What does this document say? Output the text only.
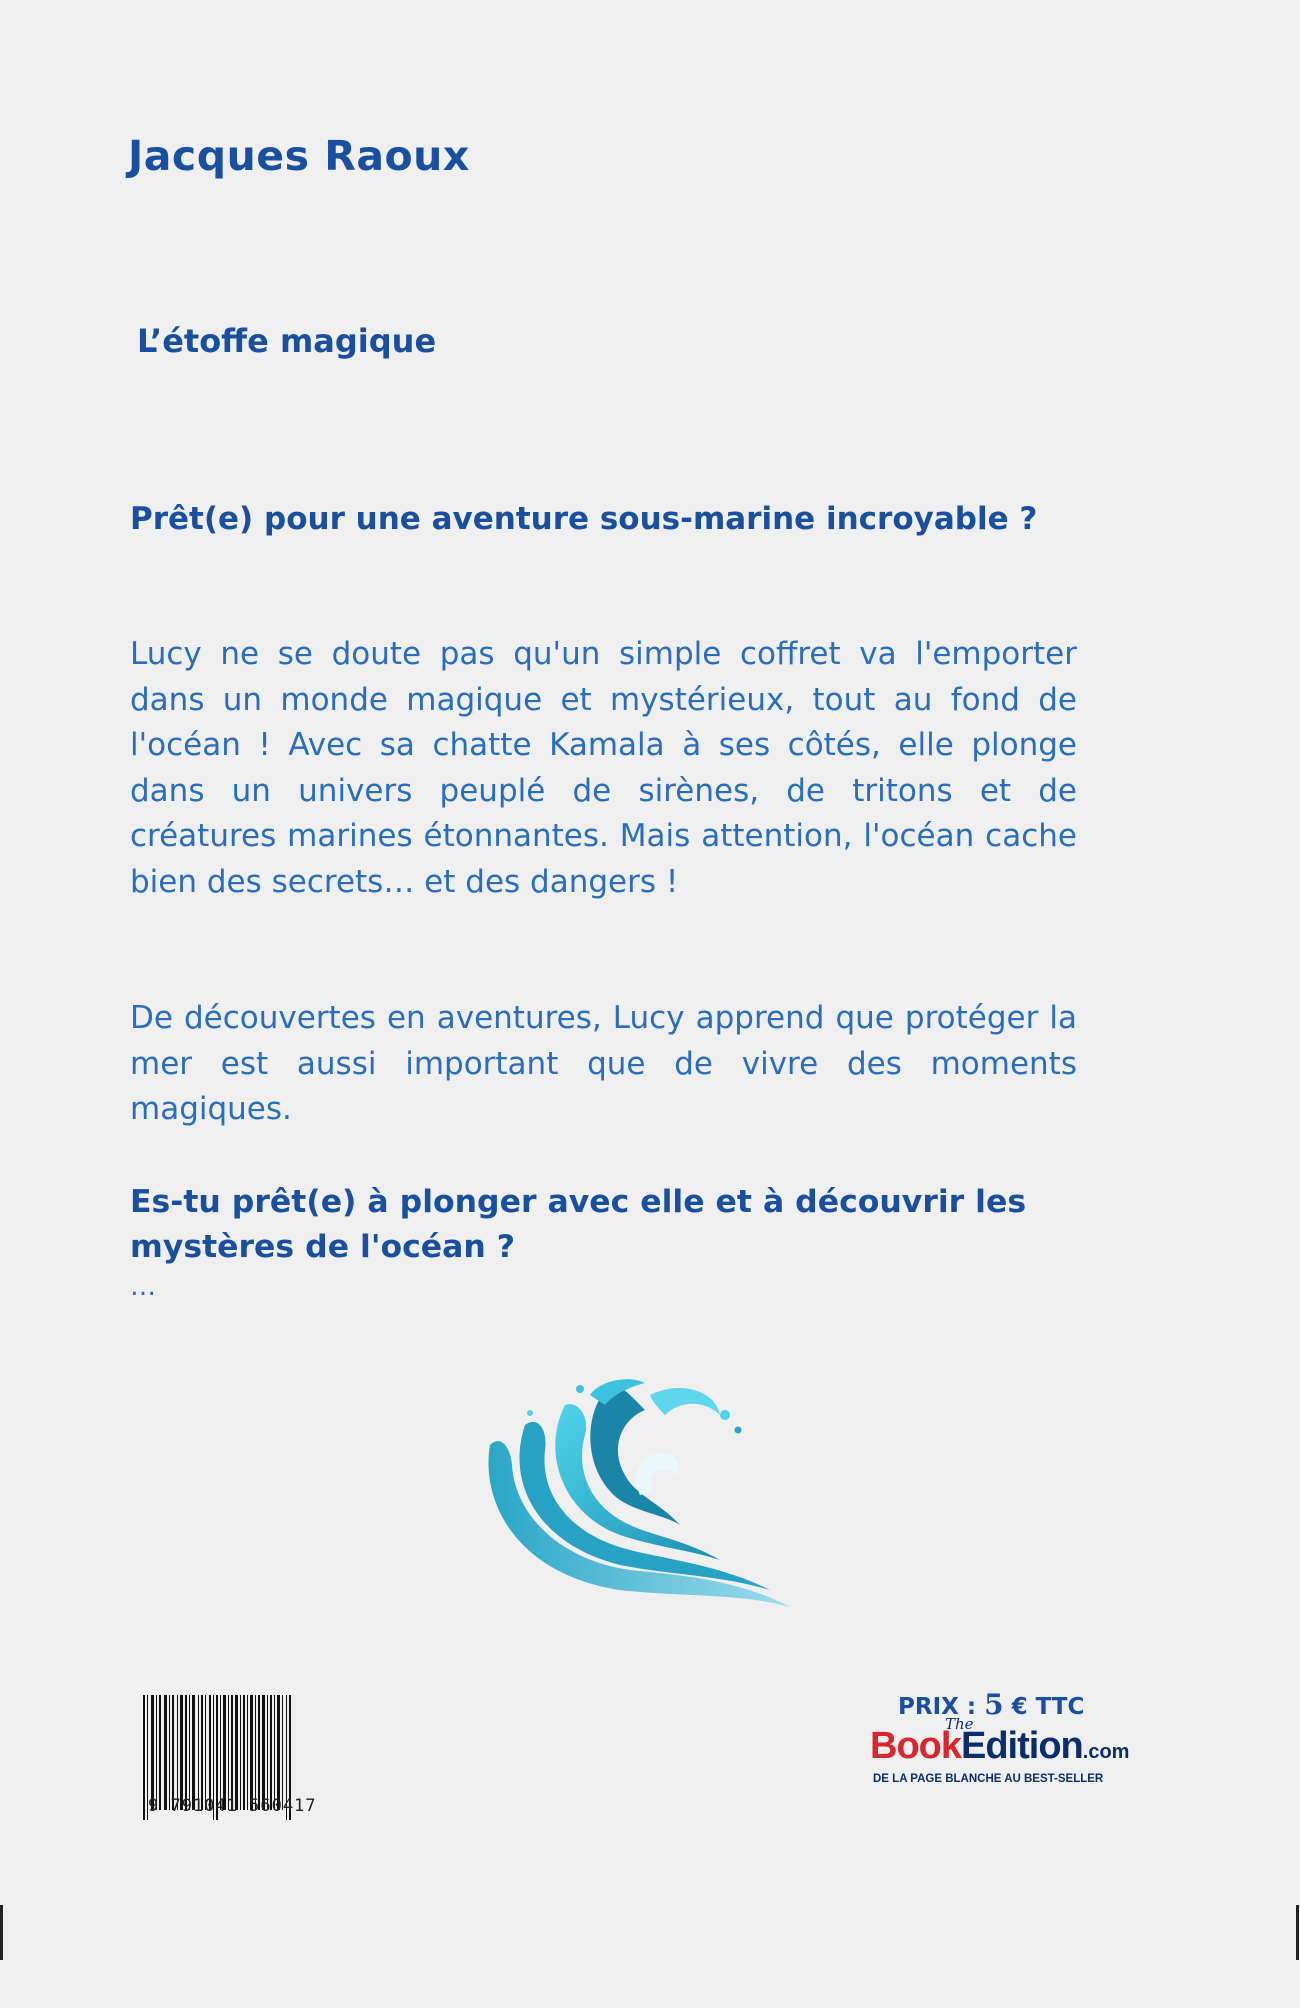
Jacques Raoux
L’étoffe magique
Prêt(e) pour une aventure sous-marine incroyable ?
Lucy ne se doute pas qu'un simple coffret va l'emporter dans un monde magique et mystérieux, tout au fond de l'océan ! Avec sa chatte Kamala à ses côtés, elle plonge dans un univers peuplé de sirènes, de tritons et de créatures marines étonnantes. Mais attention, l'océan cache bien des secrets… et des dangers !
De découvertes en aventures, Lucy apprend que protéger la mer est aussi important que de vivre des moments magiques.
Es-tu prêt(e) à plonger avec elle et à découvrir les mystères de l'océan ?
…
9 791041 560417
PRIX : 5 € TTC
The
BookEdition.com
DE LA PAGE BLANCHE AU BEST-SELLER
